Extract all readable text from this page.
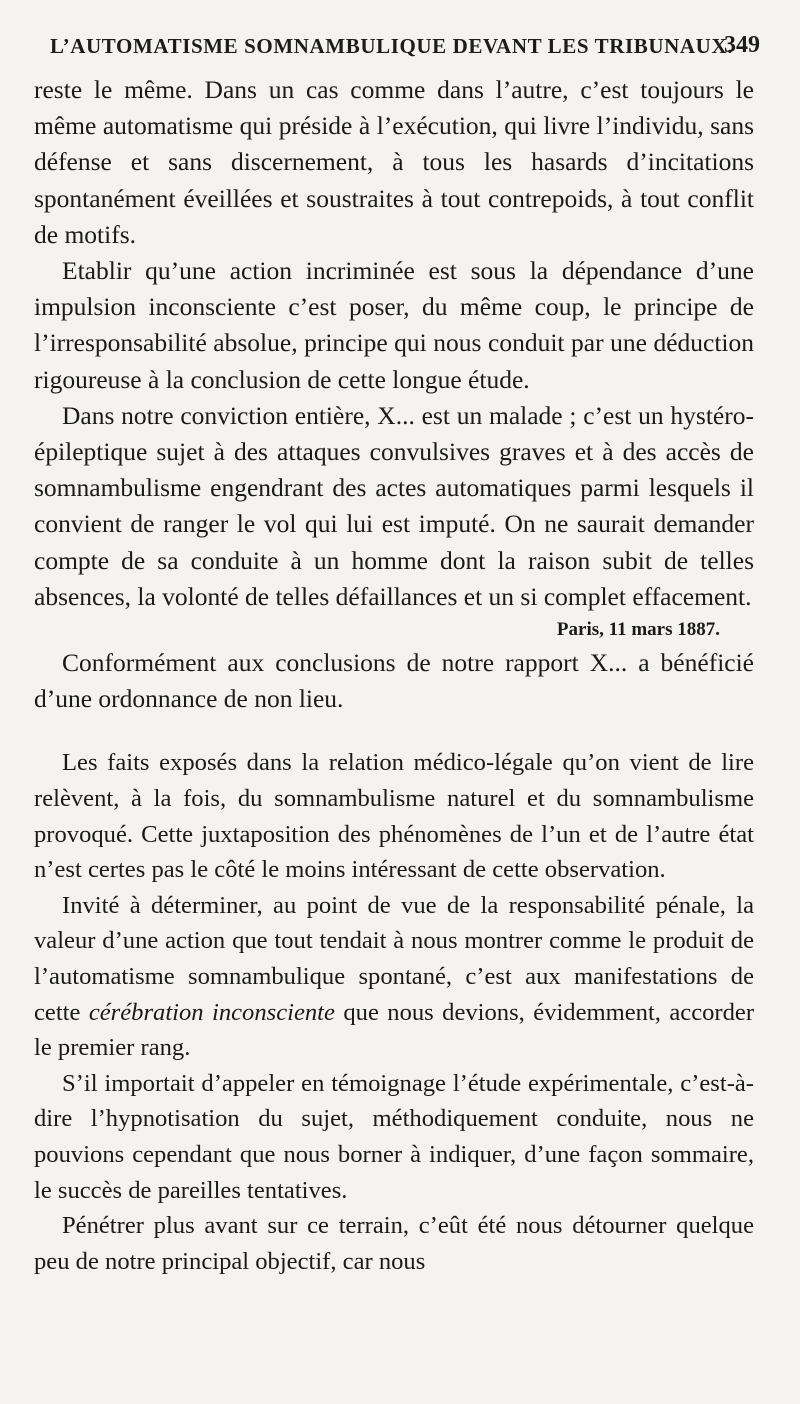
L’AUTOMATISME SOMNAMBULIQUE DEVANT LES TRIBUNAUX.
349

reste le même. Dans un cas comme dans l’autre, c’est toujours le même automatisme qui préside à l’exécution, qui livre l’individu, sans défense et sans discernement, à tous les hasards d’incitations spontanément éveillées et soustraites à tout contrepoids, à tout conflit de motifs.

Etablir qu’une action incriminée est sous la dépendance d’une impulsion inconsciente c’est poser, du même coup, le principe de l’irresponsabilité absolue, principe qui nous conduit par une déduction rigoureuse à la conclusion de cette longue étude.

Dans notre conviction entière, X... est un malade ; c’est un hystéro-épileptique sujet à des attaques convulsives graves et à des accès de somnambulisme engendrant des actes automatiques parmi lesquels il convient de ranger le vol qui lui est imputé. On ne saurait demander compte de sa conduite à un homme dont la raison subit de telles absences, la volonté de telles défaillances et un si complet effacement.

Paris, 11 mars 1887.

Conformément aux conclusions de notre rapport X... a bénéficié d’une ordonnance de non lieu.

Les faits exposés dans la relation médico-légale qu’on vient de lire relèvent, à la fois, du somnambulisme naturel et du somnambulisme provoqué. Cette juxtaposition des phénomènes de l’un et de l’autre état n’est certes pas le côté le moins intéressant de cette observation.

Invité à déterminer, au point de vue de la responsabilité pénale, la valeur d’une action que tout tendait à nous montrer comme le produit de l’automatisme somnambulique spontané, c’est aux manifestations de cette cérébration inconsciente que nous devions, évidemment, accorder le premier rang.

S’il importait d’appeler en témoignage l’étude expérimentale, c’est-à-dire l’hypnotisation du sujet, méthodiquement conduite, nous ne pouvions cependant que nous borner à indiquer, d’une façon sommaire, le succès de pareilles tentatives.

Pénétrer plus avant sur ce terrain, c’eût été nous détourner quelque peu de notre principal objectif, car nous
